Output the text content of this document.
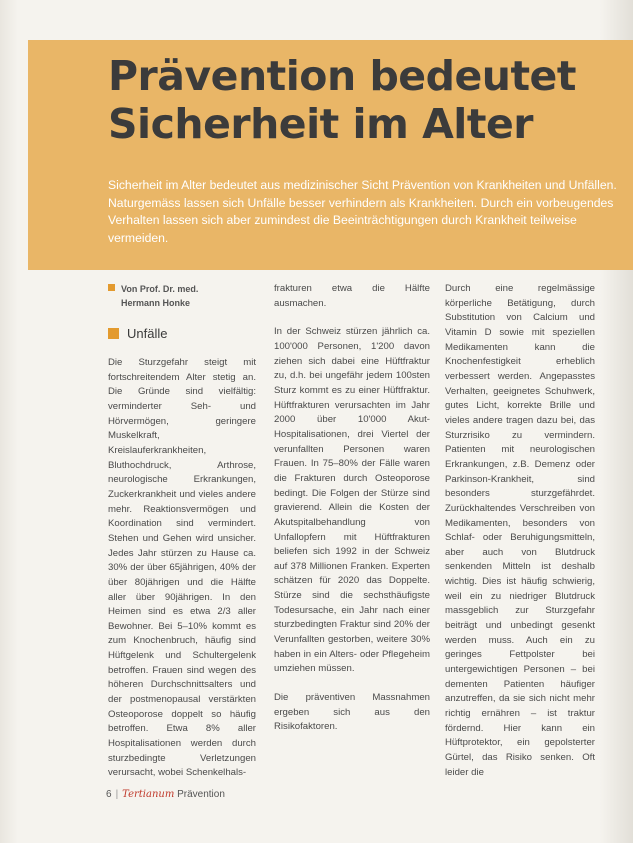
Prävention bedeutet
Sicherheit im Alter

Sicherheit im Alter bedeutet aus medizinischer Sicht Prävention von Krankheiten und Unfällen. Naturgemäss lassen sich Unfälle besser verhindern als Krankheiten. Durch ein vorbeugendes Verhalten lassen sich aber zumindest die Beeinträchtigungen durch Krankheit teilweise vermeiden.

Von Prof. Dr. med.
Hermann Honke

Unfälle

Die Sturzgefahr steigt mit fortschreitendem Alter stetig an. Die Gründe sind vielfältig: verminderter Seh- und Hörvermögen, geringere Muskelkraft, Kreislauferkrankheiten, Bluthochdruck, Arthrose, neurologische Erkrankungen, Zuckerkrankheit und vieles andere mehr. Reaktionsvermögen und Koordination sind vermindert. Stehen und Gehen wird unsicher. Jedes Jahr stürzen zu Hause ca. 30% der über 65jährigen, 40% der über 80jährigen und die Hälfte aller über 90jährigen. In den Heimen sind es etwa 2/3 aller Bewohner. Bei 5–10% kommt es zum Knochenbruch, häufig sind Hüftgelenk und Schultergelenk betroffen. Frauen sind wegen des höheren Durchschnittsalters und der postmenopausal verstärkten Osteoporose doppelt so häufig betroffen. Etwa 8% aller Hospitalisationen werden durch sturzbedingte Verletzungen verursacht, wobei Schenkelhals-

frakturen etwa die Hälfte ausmachen.

In der Schweiz stürzen jährlich ca. 100'000 Personen, 1'200 davon ziehen sich dabei eine Hüftfraktur zu, d.h. bei ungefähr jedem 100sten Sturz kommt es zu einer Hüftfraktur. Hüftfrakturen verursachten im Jahr 2000 über 10'000 Akut-Hospitalisationen, drei Viertel der verunfallten Personen waren Frauen. In 75–80% der Fälle waren die Frakturen durch Osteoporose bedingt. Die Folgen der Stürze sind gravierend. Allein die Kosten der Akutspitalbehandlung von Unfallopfern mit Hüftfrakturen beliefen sich 1992 in der Schweiz auf 378 Millionen Franken. Experten schätzen für 2020 das Doppelte. Stürze sind die sechsthäufigste Todesursache, ein Jahr nach einer sturzbedingten Fraktur sind 20% der Verunfallten gestorben, weitere 30% haben in ein Alters- oder Pflegeheim umziehen müssen.

Die präventiven Massnahmen ergeben sich aus den Risikofaktoren.

Durch eine regelmässige körperliche Betätigung, durch Substitution von Calcium und Vitamin D sowie mit speziellen Medikamenten kann die Knochenfestigkeit erheblich verbessert werden. Angepasstes Verhalten, geeignetes Schuhwerk, gutes Licht, korrekte Brille und vieles andere tragen dazu bei, das Sturzrisiko zu vermindern. Patienten mit neurologischen Erkrankungen, z.B. Demenz oder Parkinson-Krankheit, sind besonders sturzgefährdet. Zurückhaltendes Verschreiben von Medikamenten, besonders von Schlaf- oder Beruhigungsmitteln, aber auch von Blutdruck senkenden Mitteln ist deshalb wichtig. Dies ist häufig schwierig, weil ein zu niedriger Blutdruck massgeblich zur Sturzgefahr beiträgt und unbedingt gesenkt werden muss. Auch ein zu geringes Fettpolster bei untergewichtigen Personen – bei dementen Patienten häufiger anzutreffen, da sie sich nicht mehr richtig ernähren – ist traktur fördernd. Hier kann ein Hüftprotektor, ein gepolsterter Gürtel, das Risiko senken. Oft leider die

6 | Tertianum Prävention
